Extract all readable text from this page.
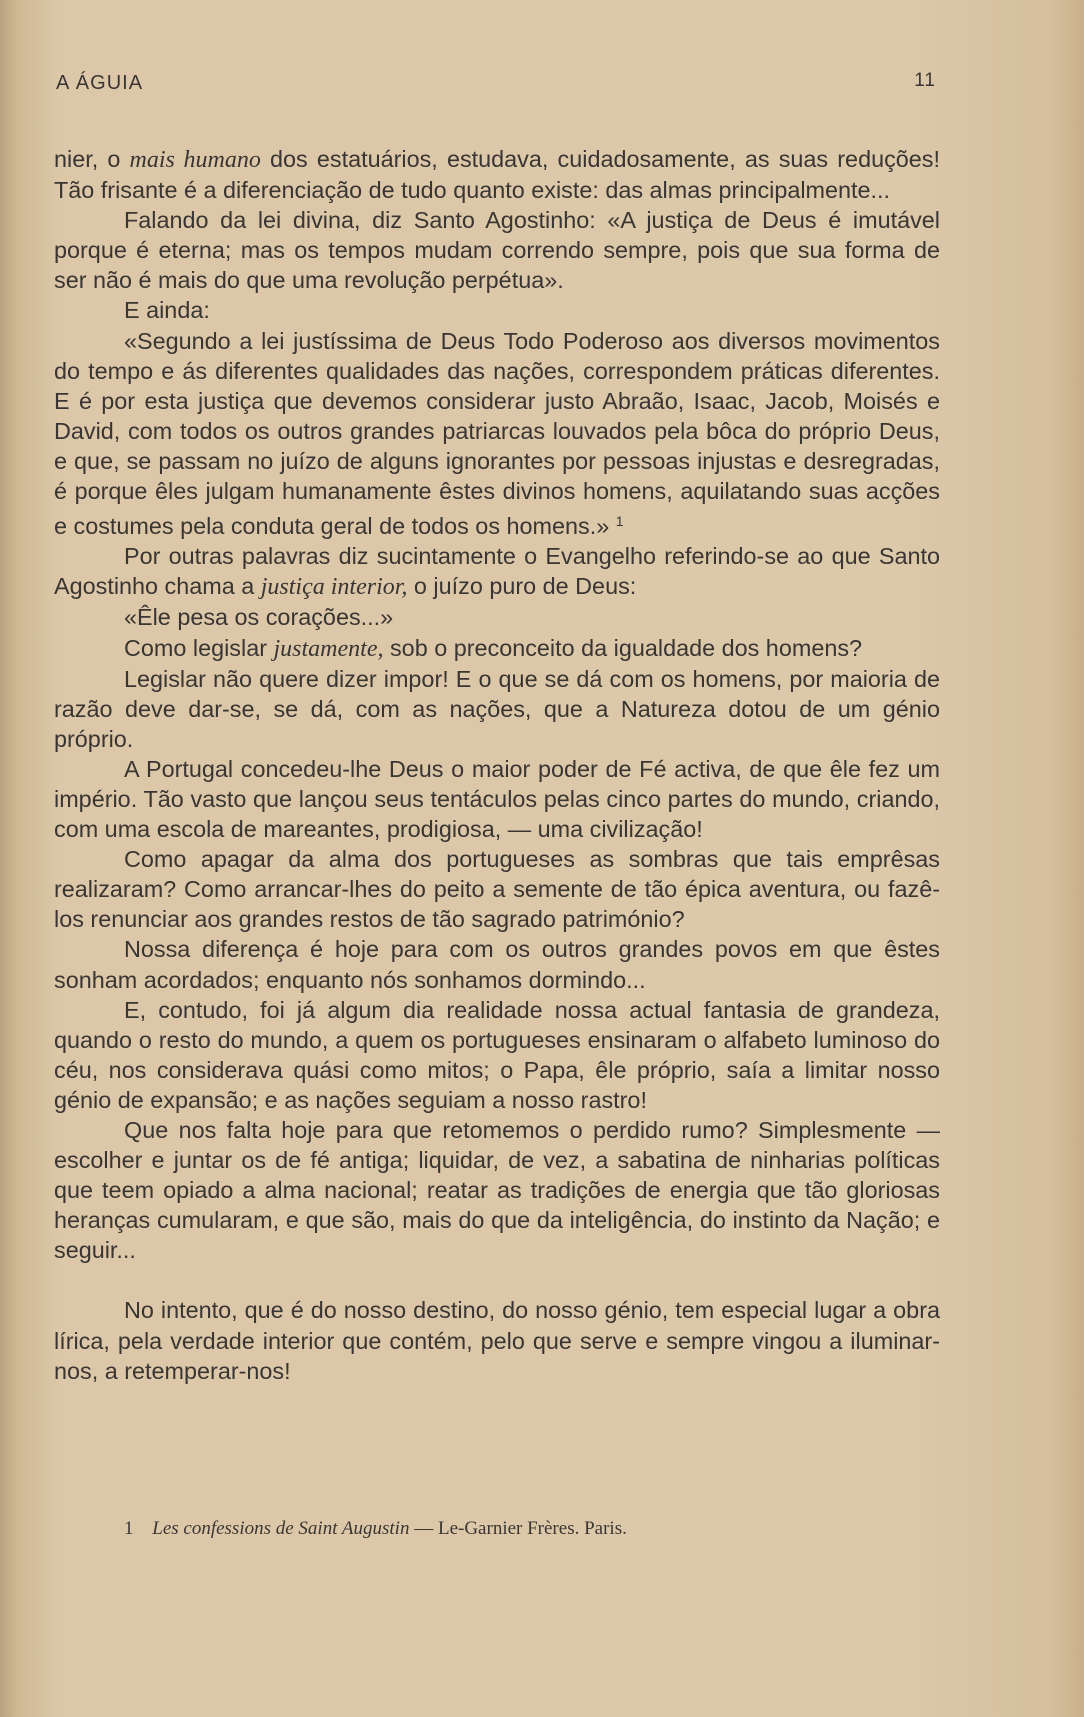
A ÁGUIA	11

nier, o mais humano dos estatuários, estudava, cuidadosamente, as suas reduções! Tão frisante é a diferenciação de tudo quanto existe: das almas principalmente...

Falando da lei divina, diz Santo Agostinho: «A justiça de Deus é imutável porque é eterna; mas os tempos mudam correndo sempre, pois que sua forma de ser não é mais do que uma revolução perpétua».

E ainda:

«Segundo a lei justíssima de Deus Todo Poderoso aos diversos movimentos do tempo e ás diferentes qualidades das nações, correspondem práticas diferentes. E é por esta justiça que devemos considerar justo Abraão, Isaac, Jacob, Moisés e David, com todos os outros grandes patriarcas louvados pela bôca do próprio Deus, e que, se passam no juízo de alguns ignorantes por pessoas injustas e desregradas, é porque êles julgam humanamente êstes divinos homens, aquilatando suas acções e costumes pela conduta geral de todos os homens.» $^1$

Por outras palavras diz sucintamente o Evangelho referindo-se ao que Santo Agostinho chama a justiça interior, o juízo puro de Deus:

«Êle pesa os corações...»

Como legislar justamente, sob o preconceito da igualdade dos homens?

Legislar não quere dizer impor! E o que se dá com os homens, por maioria de razão deve dar-se, se dá, com as nações, que a Natureza dotou de um génio próprio.

A Portugal concedeu-lhe Deus o maior poder de Fé activa, de que êle fez um império. Tão vasto que lançou seus tentáculos pelas cinco partes do mundo, criando, com uma escola de mareantes, prodigiosa, — uma civilização!

Como apagar da alma dos portugueses as sombras que tais emprêsas realizaram? Como arrancar-lhes do peito a semente de tão épica aventura, ou fazê-los renunciar aos grandes restos de tão sagrado património?

Nossa diferença é hoje para com os outros grandes povos em que êstes sonham acordados; enquanto nós sonhamos dormindo...

E, contudo, foi já algum dia realidade nossa actual fantasia de grandeza, quando o resto do mundo, a quem os portugueses ensinaram o alfabeto luminoso do céu, nos considerava quási como mitos; o Papa, êle próprio, saía a limitar nosso génio de expansão; e as nações seguiam a nosso rastro!

Que nos falta hoje para que retomemos o perdido rumo? Simplesmente — escolher e juntar os de fé antiga; liquidar, de vez, a sabatina de ninharias políticas que teem opiado a alma nacional; reatar as tradições de energia que tão gloriosas heranças cumularam, e que são, mais do que da inteligência, do instinto da Nação; e seguir...

No intento, que é do nosso destino, do nosso génio, tem especial lugar a obra lírica, pela verdade interior que contém, pelo que serve e sempre vingou a iluminar-nos, a retemperar-nos!

1 Les confessions de Saint Augustin — Le-Garnier Frères. Paris.
